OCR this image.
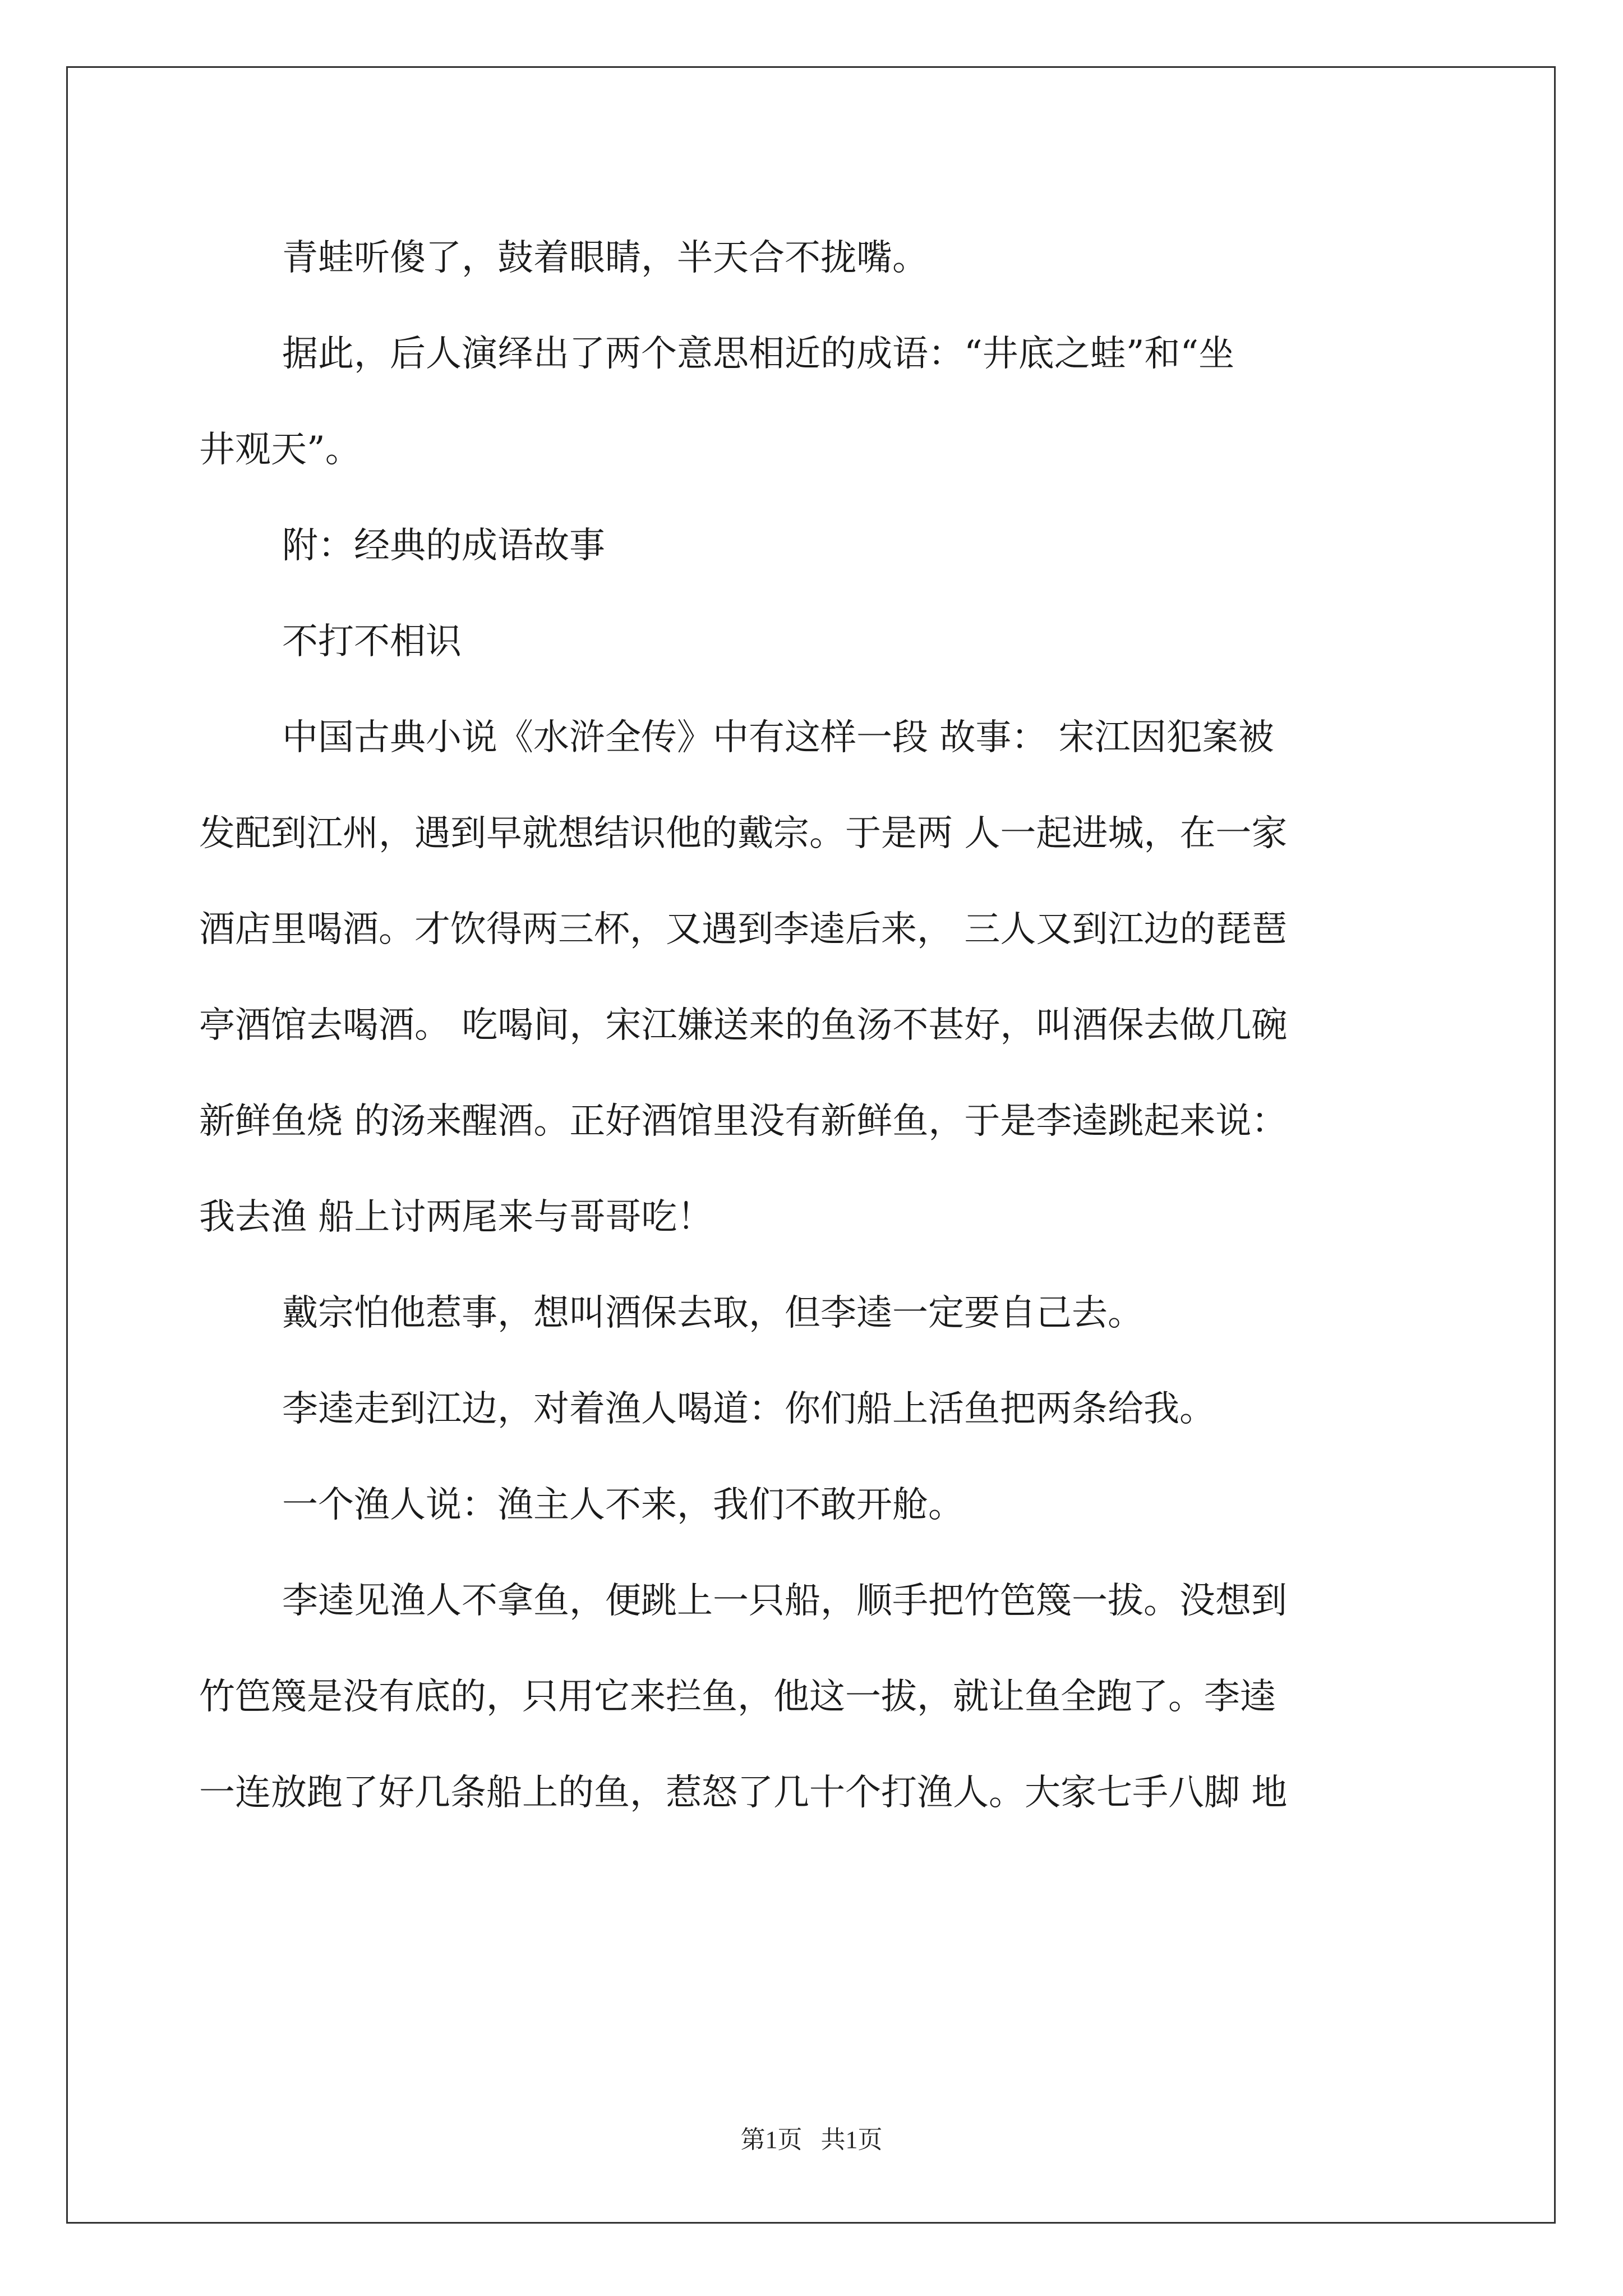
青蛙听傻了，鼓着眼睛，半天合不拢嘴。
据此，后人演绎出了两个意思相近的成语：“井底之蛙”和“坐
井观天”。
附：经典的成语故事
不打不相识
中国古典小说《水浒全传》中有这样一段 故事： 宋江因犯案被
发配到江州，遇到早就想结识他的戴宗。于是两 人一起进城，在一家
酒店里喝酒。才饮得两三杯，又遇到李逵后来， 三人又到江边的琵琶
亭酒馆去喝酒。 吃喝间，宋江嫌送来的鱼汤不甚好，叫酒保去做几碗
新鲜鱼烧 的汤来醒酒。正好酒馆里没有新鲜鱼，于是李逵跳起来说：
我去渔 船上讨两尾来与哥哥吃！
戴宗怕他惹事，想叫酒保去取，但李逵一定要自己去。
李逵走到江边，对着渔人喝道：你们船上活鱼把两条给我。
一个渔人说：渔主人不来，我们不敢开舱。
李逵见渔人不拿鱼，便跳上一只船，顺手把竹笆篾一拔。没想到
竹笆篾是没有底的，只用它来拦鱼，他这一拔，就让鱼全跑了。李逵
一连放跑了好几条船上的鱼，惹怒了几十个打渔人。大家七手八脚 地
第1页 共1页
